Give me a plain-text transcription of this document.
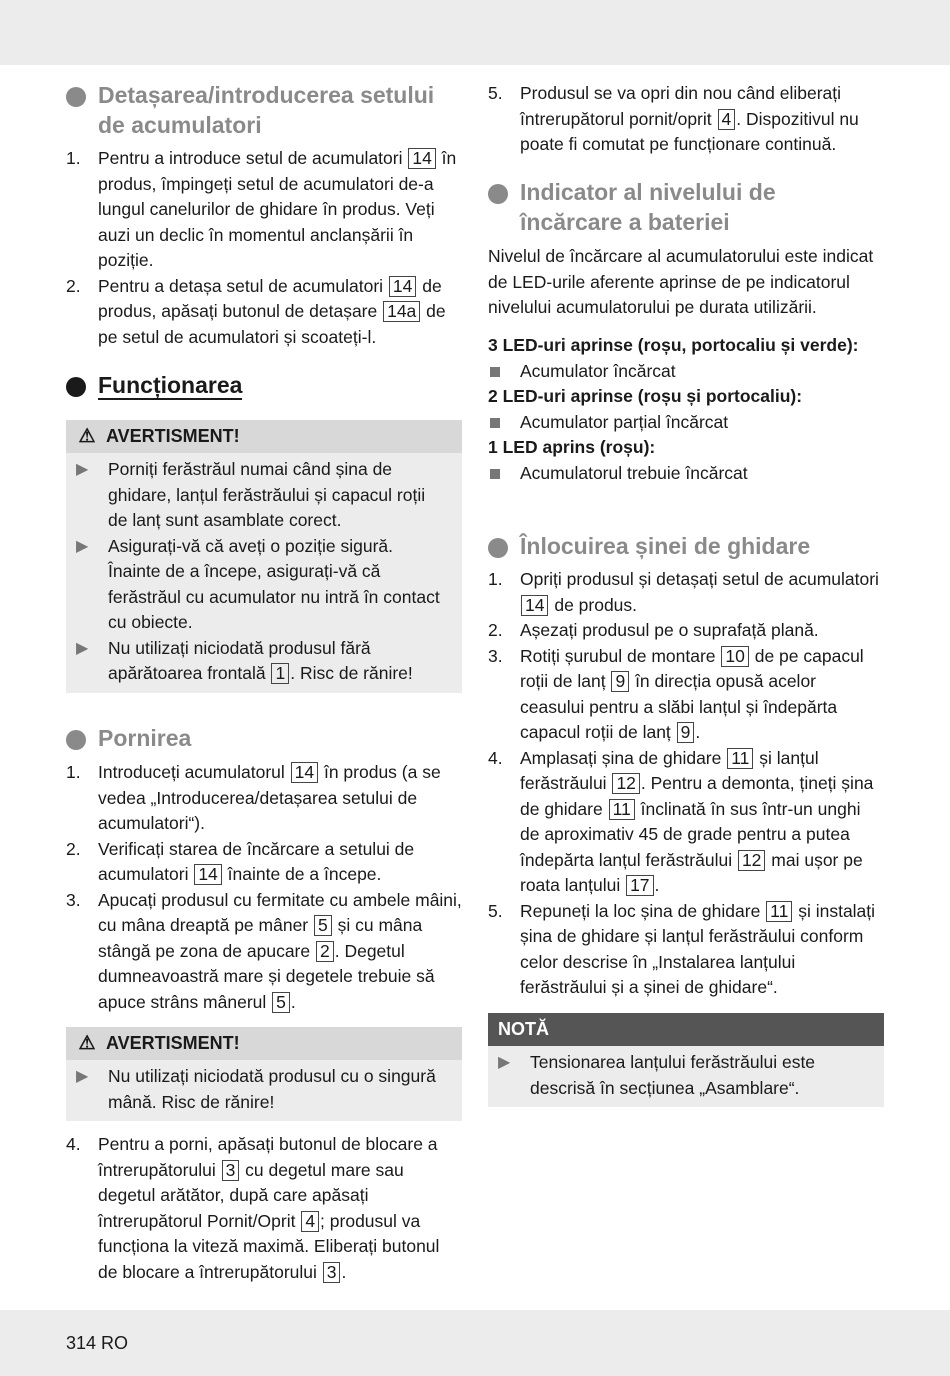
Detașarea/introducerea setului de acumulatori
1. Pentru a introduce setul de acumulatori 14 în produs, împingeți setul de acumulatori de-a lungul canelurilor de ghidare în produs. Veți auzi un declic în momentul anclanșării în poziție.
2. Pentru a detașa setul de acumulatori 14 de produs, apăsați butonul de detașare 14a de pe setul de acumulatori și scoateți-l.
Funcționarea
⚠ AVERTISMENT!
▶ Porniți ferăstrăul numai când șina de ghidare, lanțul ferăstrăului și capacul roții de lanț sunt asamblate corect.
▶ Asigurați-vă că aveți o poziție sigură. Înainte de a începe, asigurați-vă că ferăstrăul cu acumulator nu intră în contact cu obiecte.
▶ Nu utilizați niciodată produsul fără apărătoarea frontală 1 . Risc de rănire!
Pornirea
1. Introduceți acumulatorul 14 în produs (a se vedea „Introducerea/detașarea setului de acumulatori“).
2. Verificați starea de încărcare a setului de acumulatori 14 înainte de a începe.
3. Apucați produsul cu fermitate cu ambele mâini, cu mâna dreaptă pe mâner 5 și cu mâna stângă pe zona de apucare 2 . Degetul dumneavoastră mare și degetele trebuie să apuce strâns mânerul 5 .
⚠ AVERTISMENT!
▶ Nu utilizați niciodată produsul cu o singură mână. Risc de rănire!
4. Pentru a porni, apăsați butonul de blocare a întrerupătorului 3 cu degetul mare sau degetul arătător, după care apăsați întrerupătorul Pornit/Oprit 4 ; produsul va funcționa la viteză maximă. Eliberați butonul de blocare a întrerupătorului 3 .
5. Produsul se va opri din nou când eliberați întrerupătorul pornit/oprit 4 . Dispozitivul nu poate fi comutat pe funcționare continuă.
Indicator al nivelului de încărcare a bateriei

Nivelul de încărcare al acumulatorului este indicat de LED-urile aferente aprinse de pe indicatorul nivelului acumulatorului pe durata utilizării.

3 LED-uri aprinse (roșu, portocaliu și verde):
Acumulator încărcat
2 LED-uri aprinse (roșu și portocaliu):
Acumulator parțial încărcat
1 LED aprins (roșu):
Acumulatorul trebuie încărcat
Înlocuirea șinei de ghidare
1. Opriți produsul și detașați setul de acumulatori 14 de produs.
2. Așezați produsul pe o suprafață plană.
3. Rotiți șurubul de montare 10 de pe capacul roții de lanț 9 în direcția opusă acelor ceasului pentru a slăbi lanțul și îndepărta capacul roții de lanț 9 .
4. Amplasați șina de ghidare 11 și lanțul ferăstrăului 12 . Pentru a demonta, țineți șina de ghidare 11 înclinată în sus într-un unghi de aproximativ 45 de grade pentru a putea îndepărta lanțul ferăstrăului 12 mai ușor pe roata lanțului 17 .
5. Repuneți la loc șina de ghidare 11 și instalați șina de ghidare și lanțul ferăstrăului conform celor descrise în „Instalarea lanțului ferăstrăului și a șinei de ghidare“.
NOTĂ
▶ Tensionarea lanțului ferăstrăului este descrisă în secțiunea „Asamblare“.
314 RO
